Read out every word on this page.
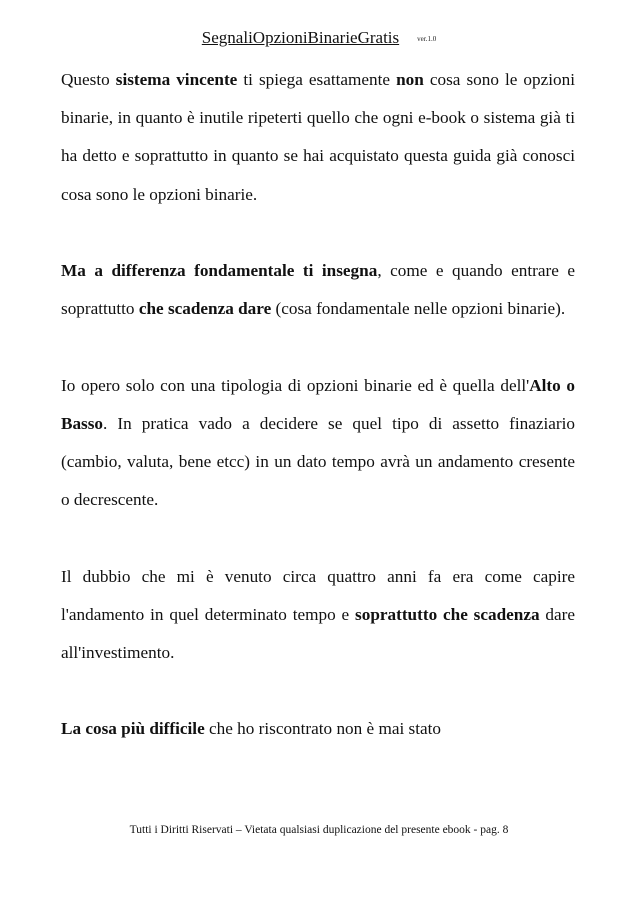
SegnaliOpzioniBinarieGratis	ver.1.0

Questo sistema vincente ti spiega esattamente non cosa sono le opzioni binarie, in quanto è inutile ripeterti quello che ogni e-book o sistema già ti ha detto e soprattutto in quanto se hai acquistato questa guida già conosci cosa sono le opzioni binarie.

Ma a differenza fondamentale ti insegna, come e quando entrare e soprattutto che scadenza dare (cosa fondamentale nelle opzioni binarie).

Io opero solo con una tipologia di opzioni binarie ed è quella dell'Alto o Basso. In pratica vado a decidere se quel tipo di assetto finaziario (cambio, valuta, bene etcc) in un dato tempo avrà un andamento cresente o decrescente.

Il dubbio che mi è venuto circa quattro anni fa era come capire l'andamento in quel determinato tempo e soprattutto che scadenza dare all'investimento.

La cosa più difficile che ho riscontrato non è mai stato

Tutti i Diritti Riservati – Vietata qualsiasi duplicazione del presente ebook - pag. 8
